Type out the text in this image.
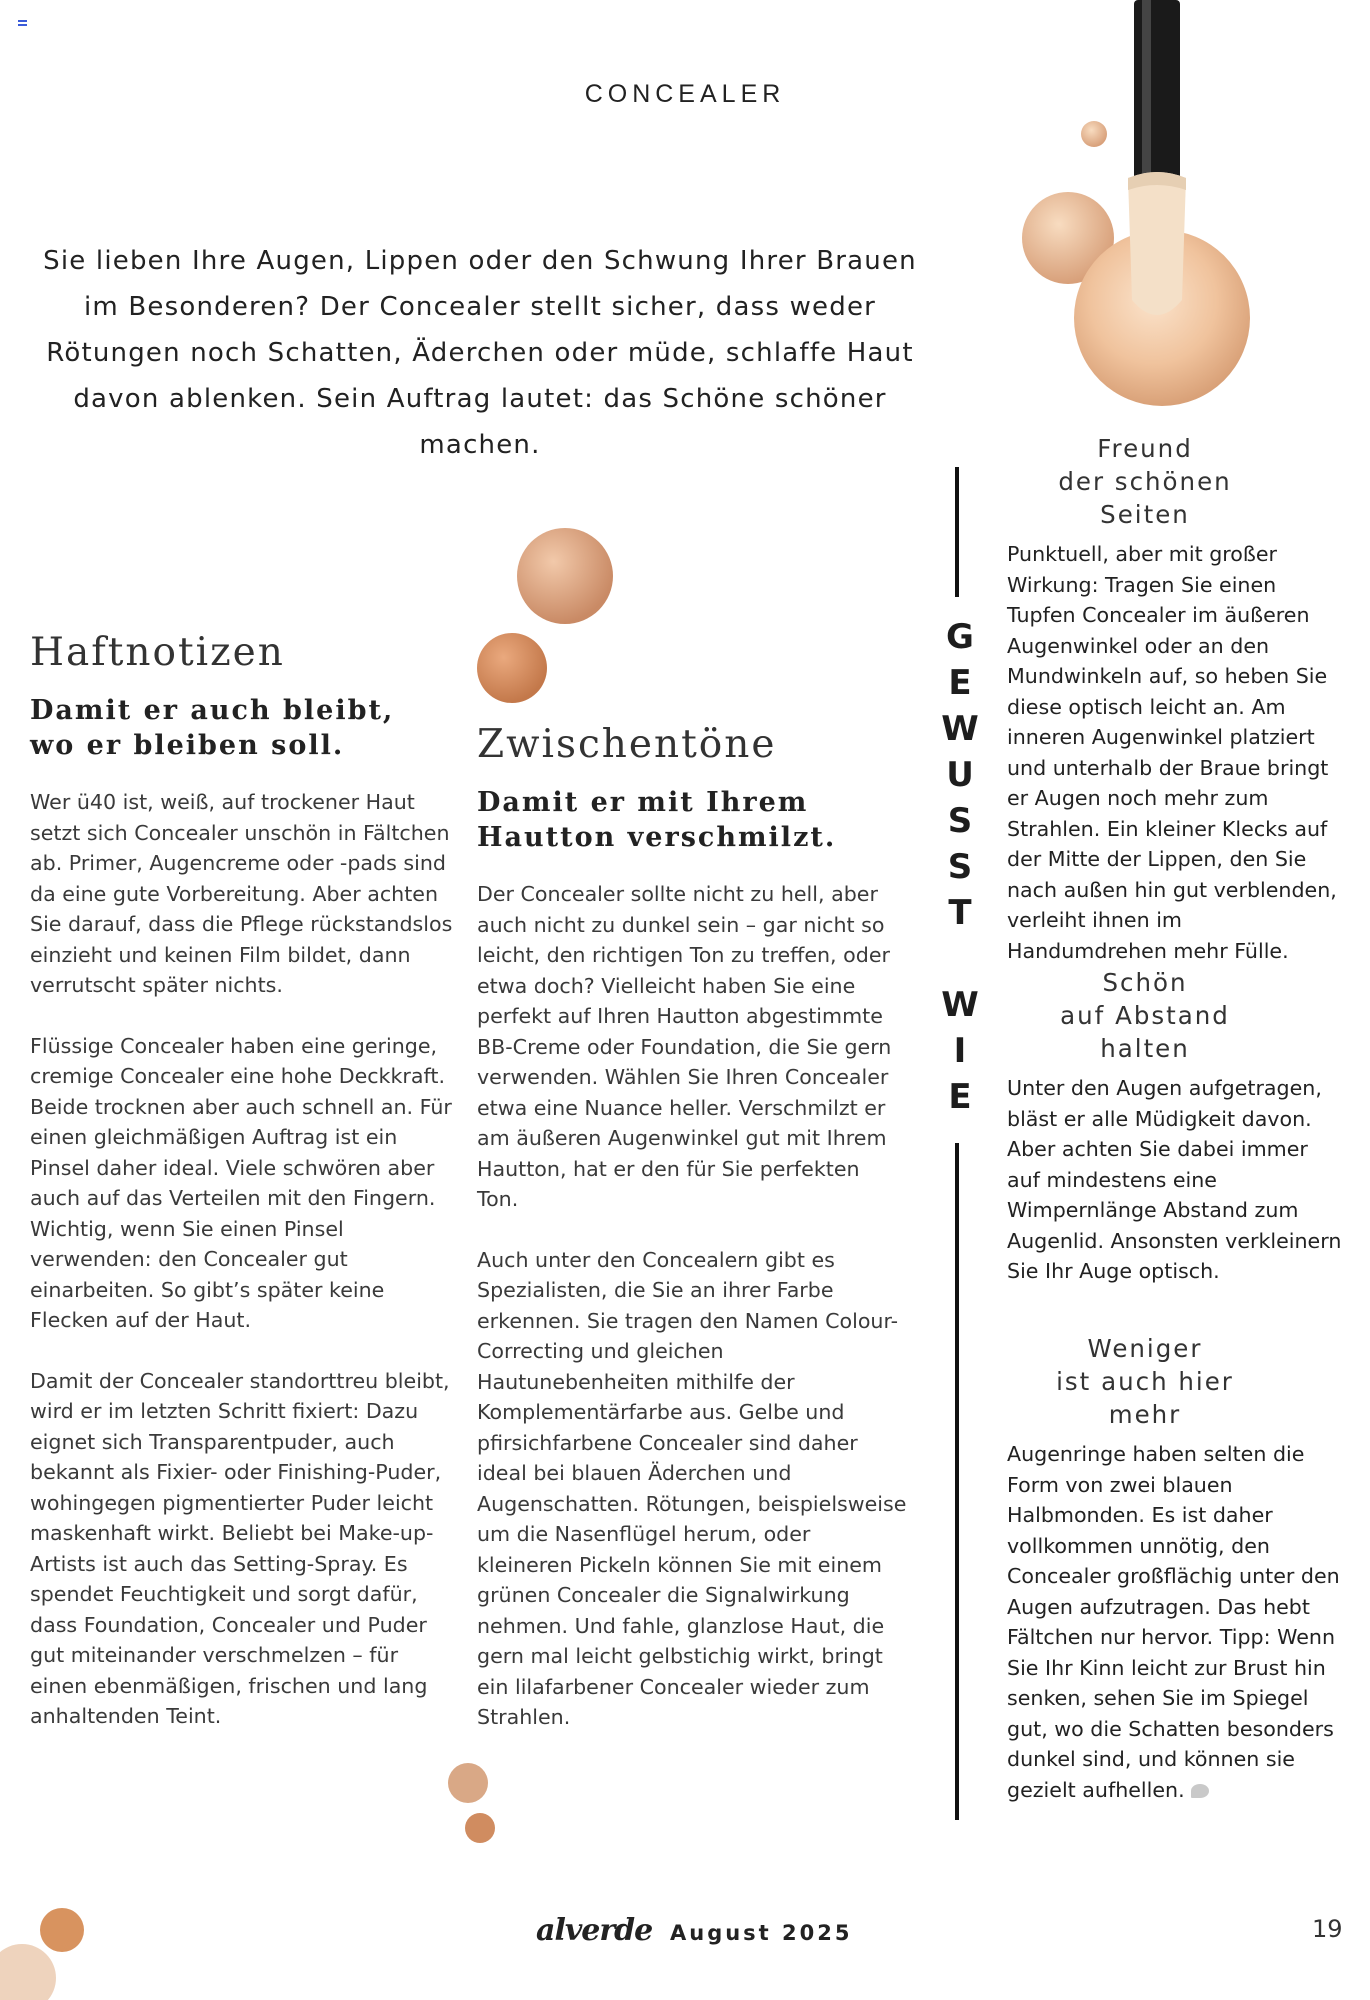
CONCEALER
Sie lieben Ihre Augen, Lippen oder den Schwung Ihrer Brauen im Besonderen? Der Concealer stellt sicher, dass weder Rötungen noch Schatten, Äderchen oder müde, schlaffe Haut davon ablenken. Sein Auftrag lautet: das Schöne schöner machen.
Haftnotizen
Damit er auch bleibt,
wo er bleiben soll.

Wer ü40 ist, weiß, auf trockener Haut setzt sich Concealer unschön in Fältchen ab. Primer, Augencreme oder -pads sind da eine gute Vorbereitung. Aber achten Sie darauf, dass die Pflege rückstandslos einzieht und keinen Film bildet, dann verrutscht später nichts.

Flüssige Concealer haben eine geringe, cremige Concealer eine hohe Deckkraft. Beide trocknen aber auch schnell an. Für einen gleichmäßigen Auftrag ist ein Pinsel daher ideal. Viele schwören aber auch auf das Verteilen mit den Fingern. Wichtig, wenn Sie einen Pinsel verwenden: den Concealer gut einarbeiten. So gibt’s später keine Flecken auf der Haut.

Damit der Concealer standorttreu bleibt, wird er im letzten Schritt fixiert: Dazu eignet sich Transparentpuder, auch bekannt als Fixier- oder Finishing-Puder, wohingegen pigmentierter Puder leicht maskenhaft wirkt. Beliebt bei Make-up-Artists ist auch das Setting-Spray. Es spendet Feuchtigkeit und sorgt dafür, dass Foundation, Concealer und Puder gut miteinander verschmelzen – für einen ebenmäßigen, frischen und lang anhaltenden Teint.

Zwischentöne
Damit er mit Ihrem
Hautton verschmilzt.

Der Concealer sollte nicht zu hell, aber auch nicht zu dunkel sein – gar nicht so leicht, den richtigen Ton zu treffen, oder etwa doch? Vielleicht haben Sie eine perfekt auf Ihren Hautton abgestimmte BB-Creme oder Foundation, die Sie gern verwenden. Wählen Sie Ihren Concealer etwa eine Nuance heller. Verschmilzt er am äußeren Augenwinkel gut mit Ihrem Hautton, hat er den für Sie perfekten Ton.

Auch unter den Concealern gibt es Spezialisten, die Sie an ihrer Farbe erkennen. Sie tragen den Namen Colour-Correcting und gleichen Hautunebenheiten mithilfe der Komplementärfarbe aus. Gelbe und pfirsichfarbene Concealer sind daher ideal bei blauen Äderchen und Augenschatten. Rötungen, beispielsweise um die Nasenflügel herum, oder kleineren Pickeln können Sie mit einem grünen Concealer die Signalwirkung nehmen. Und fahle, glanzlose Haut, die gern mal leicht gelbstichig wirkt, bringt ein lilafarbener Concealer wieder zum Strahlen.

G
E
W
U
S
S
T
W
I
E
Freund
der schönen
Seiten
Punktuell, aber mit großer Wirkung: Tragen Sie einen Tupfen Concealer im äußeren Augenwinkel oder an den Mundwinkeln auf, so heben Sie diese optisch leicht an. Am inneren Augenwinkel platziert und unterhalb der Braue bringt er Augen noch mehr zum Strahlen. Ein kleiner Klecks auf der Mitte der Lippen, den Sie nach außen hin gut verblenden, verleiht ihnen im Handumdrehen mehr Fülle.
Schön
auf Abstand
halten
Unter den Augen aufgetragen, bläst er alle Müdigkeit davon. Aber achten Sie dabei immer auf mindestens eine Wimpernlänge Abstand zum Augenlid. Ansonsten verkleinern Sie Ihr Auge optisch.
Weniger
ist auch hier
mehr
Augenringe haben selten die Form von zwei blauen Halbmonden. Es ist daher vollkommen unnötig, den Concealer großflächig unter den Augen aufzutragen. Das hebt Fältchen nur hervor. Tipp: Wenn Sie Ihr Kinn leicht zur Brust hin senken, sehen Sie im Spiegel gut, wo die Schatten besonders dunkel sind, und können sie gezielt aufhellen.
alverde August 2025	19
